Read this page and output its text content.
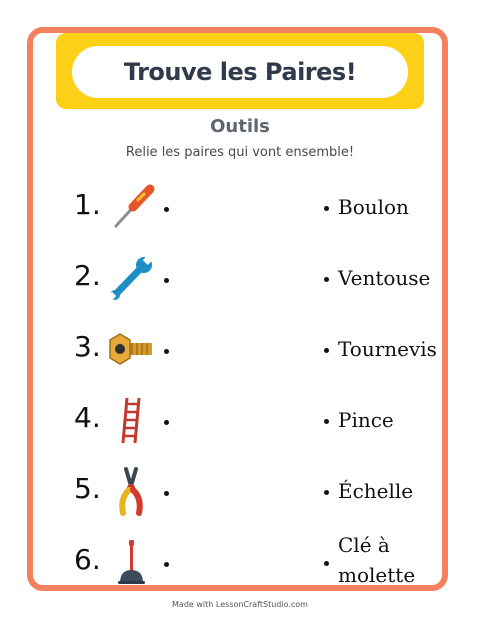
Trouve les Paires!
Outils
Relie les paires qui vont ensemble!
1.
2.
3.
4.
5.
6.
Boulon
Ventouse
Tournevis
Pince
Échelle
Clé à molette
Made with LessonCraftStudio.com
